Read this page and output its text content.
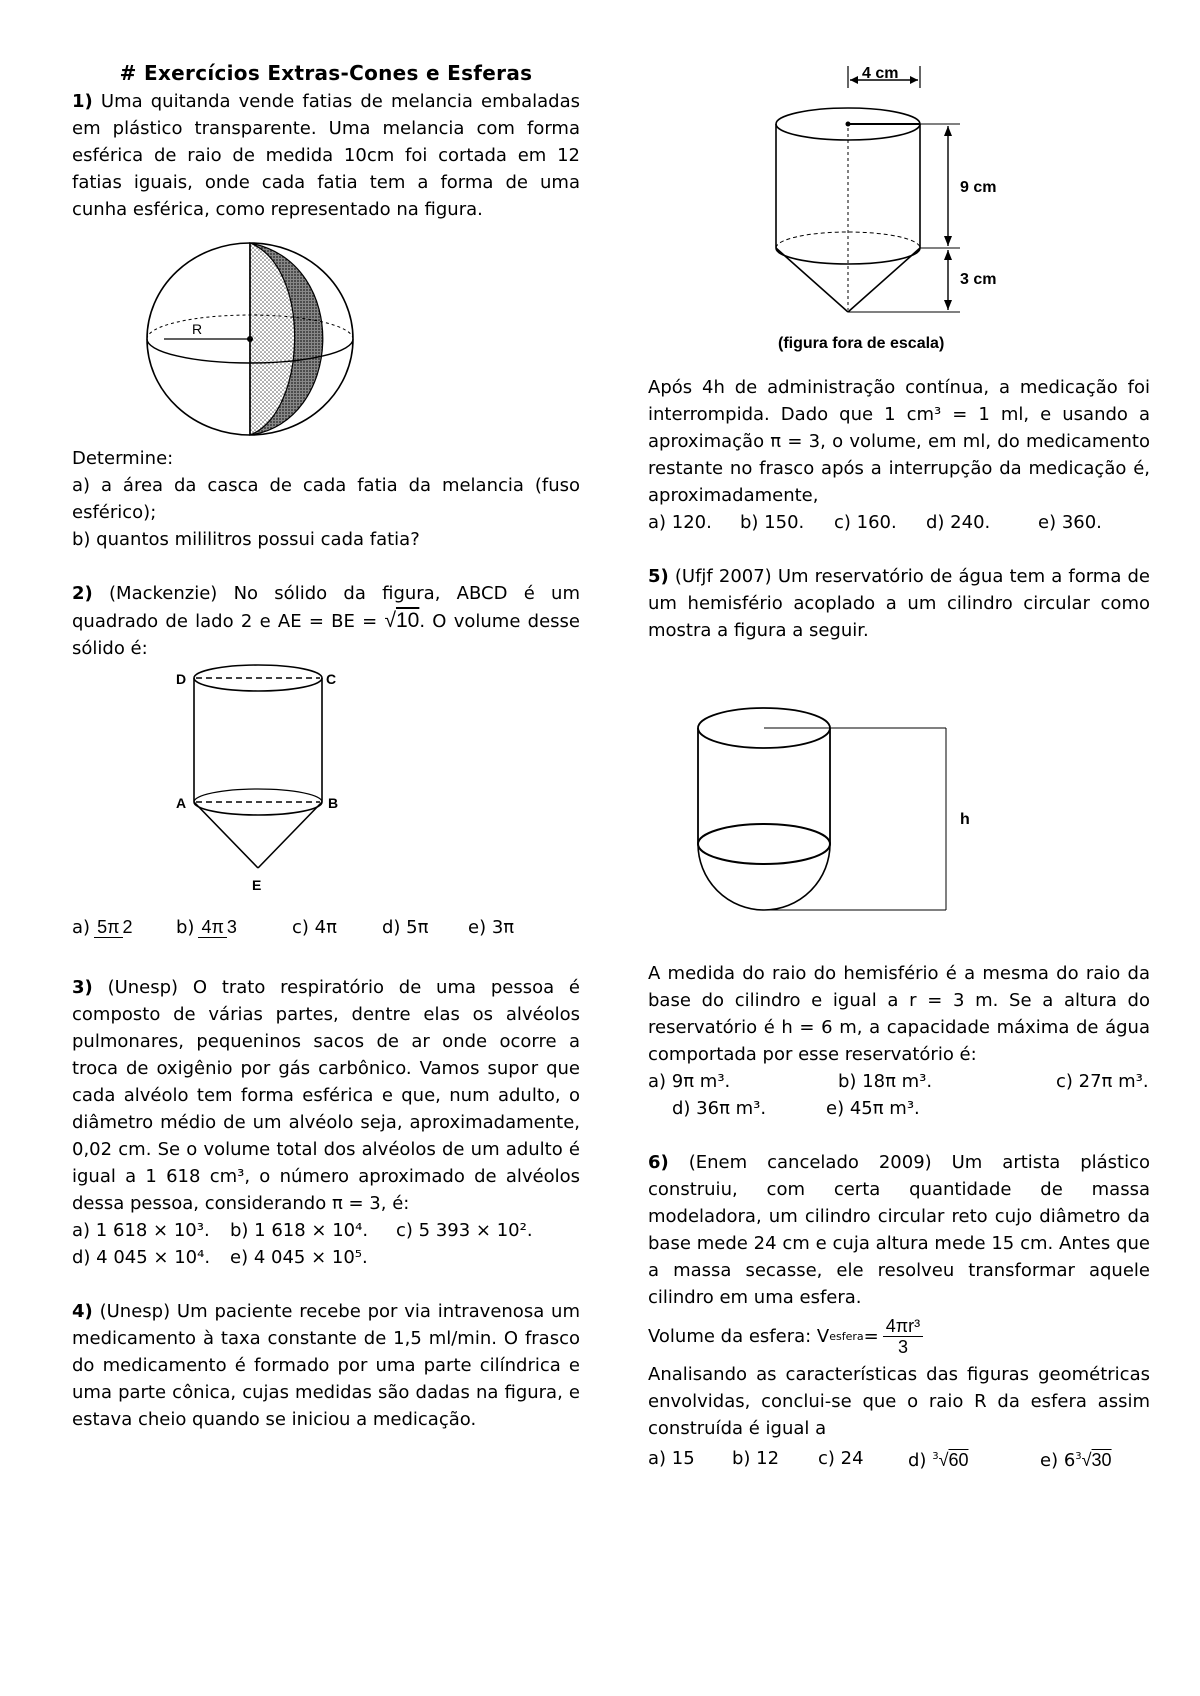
# Exercícios Extras-Cones e Esferas

1) Uma quitanda vende fatias de melancia embaladas em plástico transparente. Uma melancia com forma esférica de raio de medida 10cm foi cortada em 12 fatias iguais, onde cada fatia tem a forma de uma cunha esférica, como representado na figura.

R

Determine:

a) a área da casca de cada fatia da melancia (fuso esférico);

b) quantos mililitros possui cada fatia?

2) (Mackenzie) No sólido da figura, ABCD é um quadrado de lado 2 e AE = BE = √10. O volume desse sólido é:

D	C
A	B
E
a) 5π 2	b) 4π 3	c) 4π	d) 5π	e) 3π

3) (Unesp) O trato respiratório de uma pessoa é composto de várias partes, dentre elas os alvéolos pulmonares, pequeninos sacos de ar onde ocorre a troca de oxigênio por gás carbônico. Vamos supor que cada alvéolo tem forma esférica e que, num adulto, o diâmetro médio de um alvéolo seja, aproximadamente, 0,02 cm. Se o volume total dos alvéolos de um adulto é igual a 1 618 cm³, o número aproximado de alvéolos dessa pessoa, considerando π = 3, é:

a) 1 618 × 10³.	b) 1 618 × 10⁴.	c) 5 393 × 10².
d) 4 045 × 10⁴.	e) 4 045 × 10⁵.

4) (Unesp) Um paciente recebe por via intravenosa um medicamento à taxa constante de 1,5 ml/min. O frasco do medicamento é formado por uma parte cilíndrica e uma parte cônica, cujas medidas são dadas na figura, e estava cheio quando se iniciou a medicação.

4 cm
9 cm
3 cm
(figura fora de escala)

Após 4h de administração contínua, a medicação foi interrompida. Dado que 1 cm³ = 1 ml, e usando a aproximação π = 3, o volume, em ml, do medicamento restante no frasco após a interrupção da medicação é, aproximadamente,

a) 120.	b) 150.	c) 160.	d) 240.	e) 360.

5) (Ufjf 2007) Um reservatório de água tem a forma de um hemisfério acoplado a um cilindro circular como mostra a figura a seguir.

h

A medida do raio do hemisfério é a mesma do raio da base do cilindro e igual a r = 3 m. Se a altura do reservatório é h = 6 m, a capacidade máxima de água comportada por esse reservatório é:

a) 9π m³.	b) 18π m³.	c) 27π m³.
d) 36π m³.	e) 45π m³.

6) (Enem cancelado 2009) Um artista plástico construiu, com certa quantidade de massa modeladora, um cilindro circular reto cujo diâmetro da base mede 24 cm e cuja altura mede 15 cm. Antes que a massa secasse, ele resolveu transformar aquele cilindro em uma esfera.

Volume da esfera: V esfera = $\frac{\text{4πr³}}{3}$

Analisando as características das figuras geométricas envolvidas, conclui-se que o raio R da esfera assim construída é igual a

a) 15	b) 12	c) 24	d) $^3$√60	e) $6^3√30$
